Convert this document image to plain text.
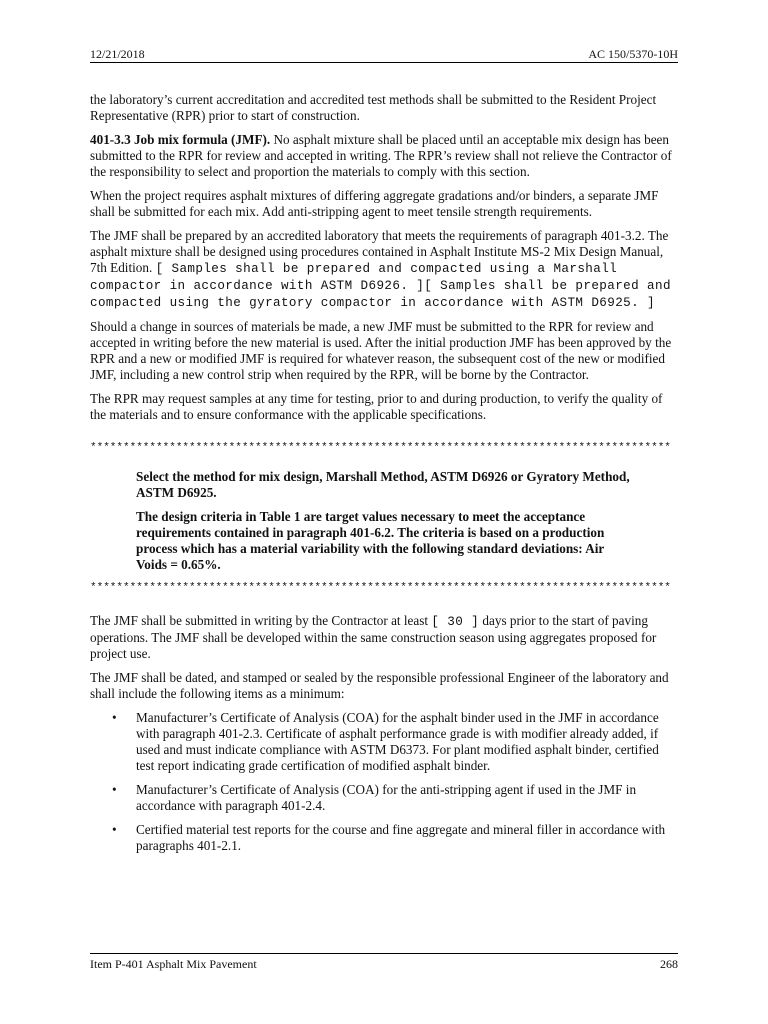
12/21/2018	AC 150/5370-10H

the laboratory’s current accreditation and accredited test methods shall be submitted to the Resident Project Representative (RPR) prior to start of construction.

401-3.3 Job mix formula (JMF). No asphalt mixture shall be placed until an acceptable mix design has been submitted to the RPR for review and accepted in writing. The RPR’s review shall not relieve the Contractor of the responsibility to select and proportion the materials to comply with this section.

When the project requires asphalt mixtures of differing aggregate gradations and/or binders, a separate JMF shall be submitted for each mix. Add anti-stripping agent to meet tensile strength requirements.

The JMF shall be prepared by an accredited laboratory that meets the requirements of paragraph 401-3.2. The asphalt mixture shall be designed using procedures contained in Asphalt Institute MS-2 Mix Design Manual, 7th Edition. [ Samples shall be prepared and compacted using a Marshall compactor in accordance with ASTM D6926. ][ Samples shall be prepared and compacted using the gyratory compactor in accordance with ASTM D6925. ]

Should a change in sources of materials be made, a new JMF must be submitted to the RPR for review and accepted in writing before the new material is used. After the initial production JMF has been approved by the RPR and a new or modified JMF is required for whatever reason, the subsequent cost of the new or modified JMF, including a new control strip when required by the RPR, will be borne by the Contractor.

The RPR may request samples at any time for testing, prior to and during production, to verify the quality of the materials and to ensure conformance with the applicable specifications.

****************************************************************************************

Select the method for mix design, Marshall Method, ASTM D6926 or Gyratory Method, ASTM D6925.

The design criteria in Table 1 are target values necessary to meet the acceptance requirements contained in paragraph 401-6.2. The criteria is based on a production process which has a material variability with the following standard deviations: Air Voids = 0.65%.

****************************************************************************************

The JMF shall be submitted in writing by the Contractor at least [ 30 ] days prior to the start of paving operations. The JMF shall be developed within the same construction season using aggregates proposed for project use.

The JMF shall be dated, and stamped or sealed by the responsible professional Engineer of the laboratory and shall include the following items as a minimum:

• Manufacturer’s Certificate of Analysis (COA) for the asphalt binder used in the JMF in accordance with paragraph 401-2.3. Certificate of asphalt performance grade is with modifier already added, if used and must indicate compliance with ASTM D6373. For plant modified asphalt binder, certified test report indicating grade certification of modified asphalt binder.
• Manufacturer’s Certificate of Analysis (COA) for the anti-stripping agent if used in the JMF in accordance with paragraph 401-2.4.
• Certified material test reports for the course and fine aggregate and mineral filler in accordance with paragraphs 401-2.1.
Item P-401 Asphalt Mix Pavement	268
